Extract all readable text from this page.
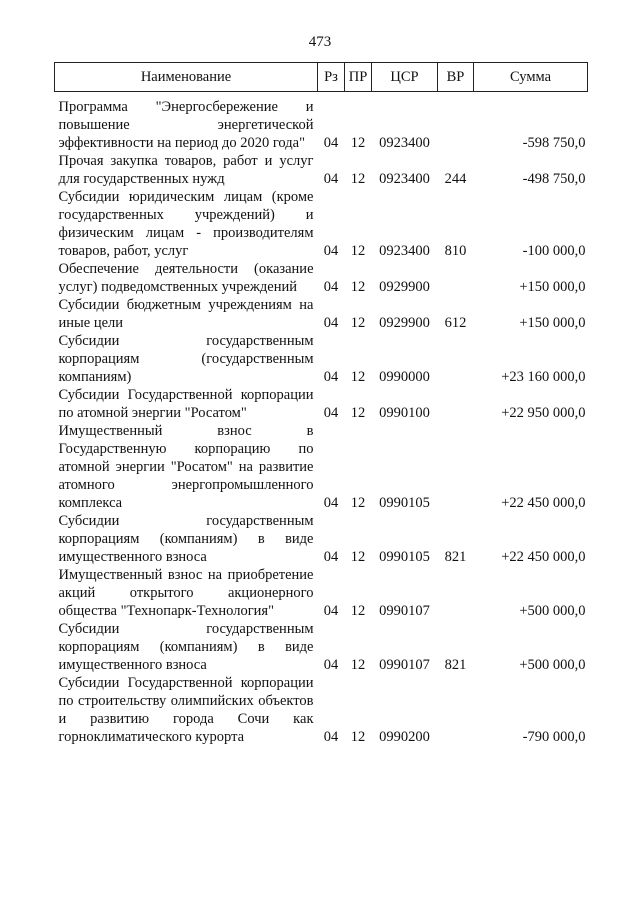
473
Наименование	Рз	ПР	ЦСР	ВР	Сумма
Программа "Энергосбережение и повышение энергетической эффективности на период до 2020 года"	04	12	0923400		-598 750,0
Прочая закупка товаров, работ и услуг для государственных нужд	04	12	0923400	244	-498 750,0
Субсидии юридическим лицам (кроме государственных учреждений) и физическим лицам - производителям товаров, работ, услуг	04	12	0923400	810	-100 000,0
Обеспечение деятельности (оказание услуг) подведомственных учреждений	04	12	0929900		+150 000,0
Субсидии бюджетным учреждениям на иные цели	04	12	0929900	612	+150 000,0
Субсидии государственным корпорациям (государственным компаниям)	04	12	0990000		+23 160 000,0
Субсидии Государственной корпорации по атомной энергии "Росатом"	04	12	0990100		+22 950 000,0
Имущественный взнос в Государственную корпорацию по атомной энергии "Росатом" на развитие атомного энергопромышленного комплекса	04	12	0990105		+22 450 000,0
Субсидии государственным корпорациям (компаниям) в виде имущественного взноса	04	12	0990105	821	+22 450 000,0
Имущественный взнос на приобретение акций открытого акционерного общества "Технопарк-Технология"	04	12	0990107		+500 000,0
Субсидии государственным корпорациям (компаниям) в виде имущественного взноса	04	12	0990107	821	+500 000,0
Субсидии Государственной корпорации по строительству олимпийских объектов и развитию города Сочи как горноклиматического курорта	04	12	0990200		-790 000,0
